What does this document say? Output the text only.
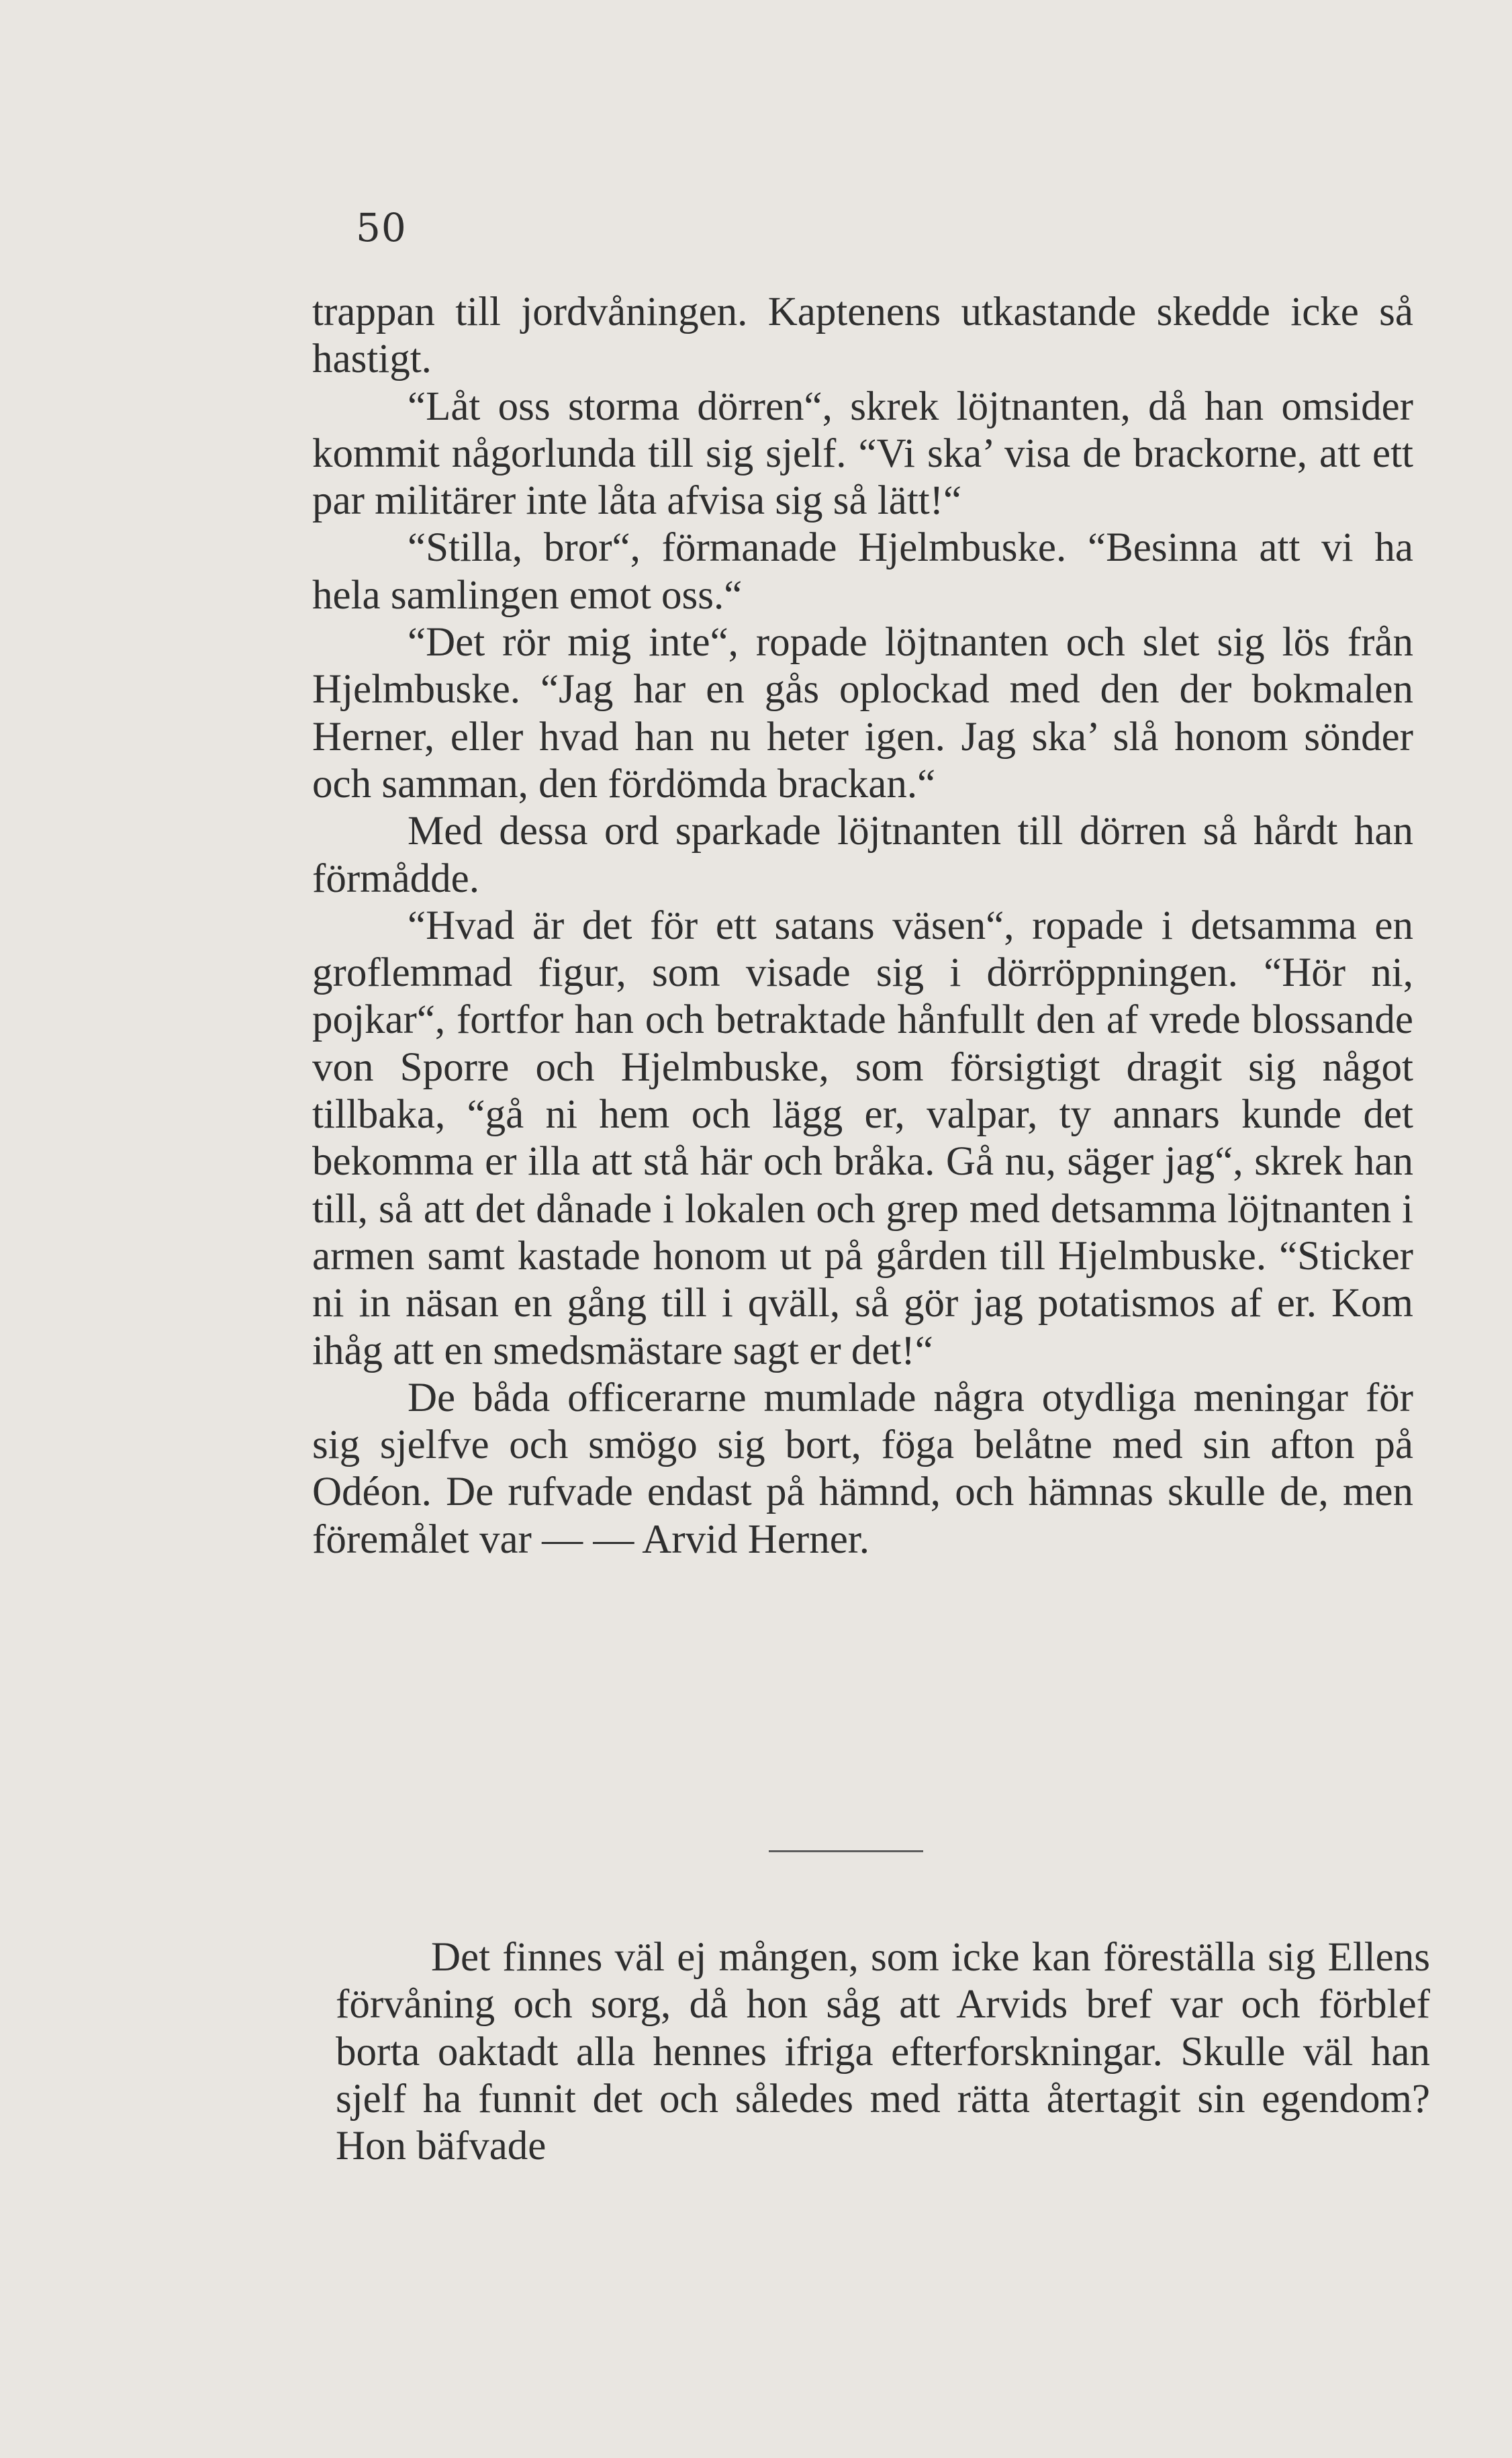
50

trappan till jordvåningen. Kaptenens utkastande skedde icke så hastigt.

“Låt oss storma dörren“, skrek löjtnanten, då han omsider kommit någorlunda till sig sjelf. “Vi ska’ visa de brackorne, att ett par militärer inte låta afvisa sig så lätt!“

“Stilla, bror“, förmanade Hjelmbuske. “Besinna att vi ha hela samlingen emot oss.“

“Det rör mig inte“, ropade löjtnanten och slet sig lös från Hjelmbuske. “Jag har en gås oplockad med den der bokmalen Herner, eller hvad han nu heter igen. Jag ska’ slå honom sönder och samman, den fördömda brackan.“

Med dessa ord sparkade löjtnanten till dörren så hårdt han förmådde.

“Hvad är det för ett satans väsen“, ropade i detsamma en groflemmad figur, som visade sig i dörröppningen. “Hör ni, pojkar“, fortfor han och betraktade hånfullt den af vrede blossande von Sporre och Hjelmbuske, som försigtigt dragit sig något tillbaka, “gå ni hem och lägg er, valpar, ty annars kunde det bekomma er illa att stå här och bråka. Gå nu, säger jag“, skrek han till, så att det dånade i lokalen och grep med detsamma löjtnanten i armen samt kastade honom ut på gården till Hjelmbuske. “Sticker ni in näsan en gång till i qväll, så gör jag potatismos af er. Kom ihåg att en smedsmästare sagt er det!“

De båda officerarne mumlade några otydliga meningar för sig sjelfve och smögo sig bort, föga belåtne med sin afton på Odéon. De rufvade endast på hämnd, och hämnas skulle de, men föremålet var — — Arvid Herner.

Det finnes väl ej mången, som icke kan föreställa sig Ellens förvåning och sorg, då hon såg att Arvids bref var och förblef borta oaktadt alla hennes ifriga efterforskningar. Skulle väl han sjelf ha funnit det och således med rätta återtagit sin egendom? Hon bäfvade
